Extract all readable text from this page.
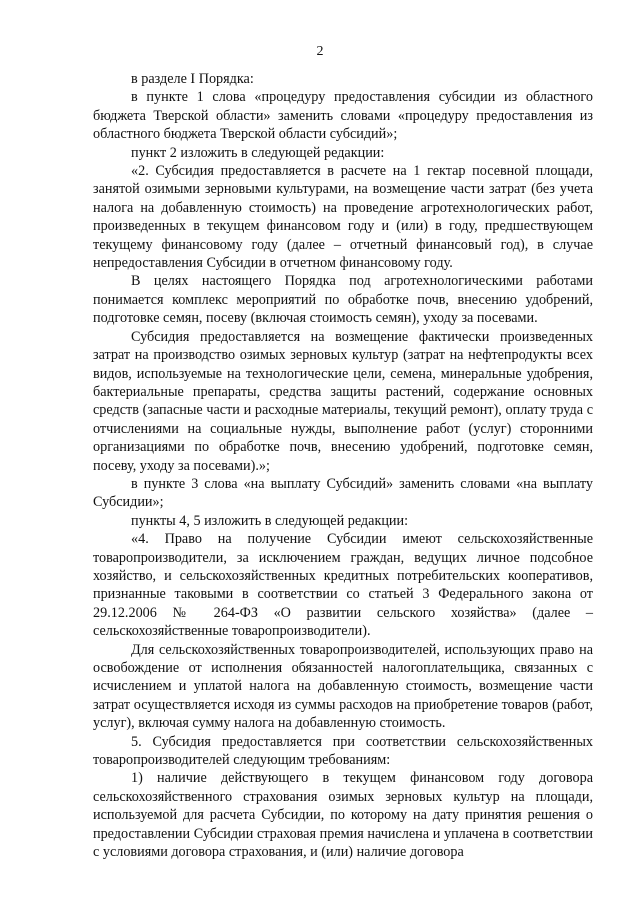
2

в разделе I Порядка:

в пункте 1 слова «процедуру предоставления субсидии из областного бюджета Тверской области» заменить словами «процедуру предоставления из областного бюджета Тверской области субсидий»;

пункт 2 изложить в следующей редакции:

«2. Субсидия предоставляется в расчете на 1 гектар посевной площади, занятой озимыми зерновыми культурами, на возмещение части затрат (без учета налога на добавленную стоимость) на проведение агротехнологических работ, произведенных в текущем финансовом году и (или) в году, предшествующем текущему финансовому году (далее – отчетный финансовый год), в случае непредоставления Субсидии в отчетном финансовому году.

В целях настоящего Порядка под агротехнологическими работами понимается комплекс мероприятий по обработке почв, внесению удобрений, подготовке семян, посеву (включая стоимость семян), уходу за посевами.

Субсидия предоставляется на возмещение фактически произведенных затрат на производство озимых зерновых культур (затрат на нефтепродукты всех видов, используемые на технологические цели, семена, минеральные удобрения, бактериальные препараты, средства защиты растений, содержание основных средств (запасные части и расходные материалы, текущий ремонт), оплату труда с отчислениями на социальные нужды, выполнение работ (услуг) сторонними организациями по обработке почв, внесению удобрений, подготовке семян, посеву, уходу за посевами).»;

в пункте 3 слова «на выплату Субсидий» заменить словами «на выплату Субсидии»;

пункты 4, 5 изложить в следующей редакции:

«4. Право на получение Субсидии имеют сельскохозяйственные товаропроизводители, за исключением граждан, ведущих личное подсобное хозяйство, и сельскохозяйственных кредитных потребительских кооперативов, признанные таковыми в соответствии со статьей 3 Федерального закона от 29.12.2006 № 264-ФЗ «О развитии сельского хозяйства» (далее – сельскохозяйственные товаропроизводители).

Для сельскохозяйственных товаропроизводителей, использующих право на освобождение от исполнения обязанностей налогоплательщика, связанных с исчислением и уплатой налога на добавленную стоимость, возмещение части затрат осуществляется исходя из суммы расходов на приобретение товаров (работ, услуг), включая сумму налога на добавленную стоимость.

5. Субсидия предоставляется при соответствии сельскохозяйственных товаропроизводителей следующим требованиям:

1) наличие действующего в текущем финансовом году договора сельскохозяйственного страхования озимых зерновых культур на площади, используемой для расчета Субсидии, по которому на дату принятия решения о предоставлении Субсидии страховая премия начислена и уплачена в соответствии с условиями договора страхования, и (или) наличие договора
